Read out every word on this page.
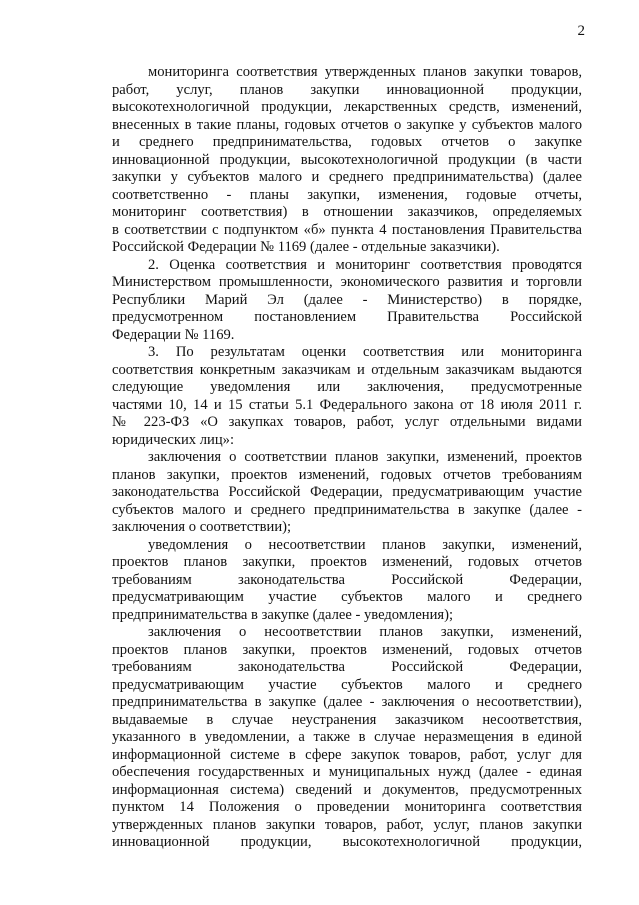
2
мониторинга соответствия утвержденных планов закупки товаров,
работ, услуг, планов закупки инновационной продукции,
высокотехнологичной продукции, лекарственных средств, изменений,
внесенных в такие планы, годовых отчетов о закупке у субъектов малого
и среднего предпринимательства, годовых отчетов о закупке
инновационной продукции, высокотехнологичной продукции (в части
закупки у субъектов малого и среднего предпринимательства) (далее
соответственно - планы закупки, изменения, годовые отчеты,
мониторинг соответствия) в отношении заказчиков, определяемых
в соответствии с подпунктом «б» пункта 4 постановления Правительства
Российской Федерации № 1169 (далее - отдельные заказчики).
2. Оценка соответствия и мониторинг соответствия проводятся
Министерством промышленности, экономического развития и торговли
Республики Марий Эл (далее - Министерство) в порядке,
предусмотренном постановлением Правительства Российской
Федерации № 1169.
3. По результатам оценки соответствия или мониторинга
соответствия конкретным заказчикам и отдельным заказчикам выдаются
следующие уведомления или заключения, предусмотренные
частями 10, 14 и 15 статьи 5.1 Федерального закона от 18 июля 2011 г.
№ 223-ФЗ «О закупках товаров, работ, услуг отдельными видами
юридических лиц»:
заключения о соответствии планов закупки, изменений, проектов
планов закупки, проектов изменений, годовых отчетов требованиям
законодательства Российской Федерации, предусматривающим участие
субъектов малого и среднего предпринимательства в закупке (далее -
заключения о соответствии);
уведомления о несоответствии планов закупки, изменений,
проектов планов закупки, проектов изменений, годовых отчетов
требованиям законодательства Российской Федерации,
предусматривающим участие субъектов малого и среднего
предпринимательства в закупке (далее - уведомления);
заключения о несоответствии планов закупки, изменений,
проектов планов закупки, проектов изменений, годовых отчетов
требованиям законодательства Российской Федерации,
предусматривающим участие субъектов малого и среднего
предпринимательства в закупке (далее - заключения о несоответствии),
выдаваемые в случае неустранения заказчиком несоответствия,
указанного в уведомлении, а также в случае неразмещения в единой
информационной системе в сфере закупок товаров, работ, услуг для
обеспечения государственных и муниципальных нужд (далее - единая
информационная система) сведений и документов, предусмотренных
пунктом 14 Положения о проведении мониторинга соответствия
утвержденных планов закупки товаров, работ, услуг, планов закупки
инновационной продукции, высокотехнологичной продукции,
